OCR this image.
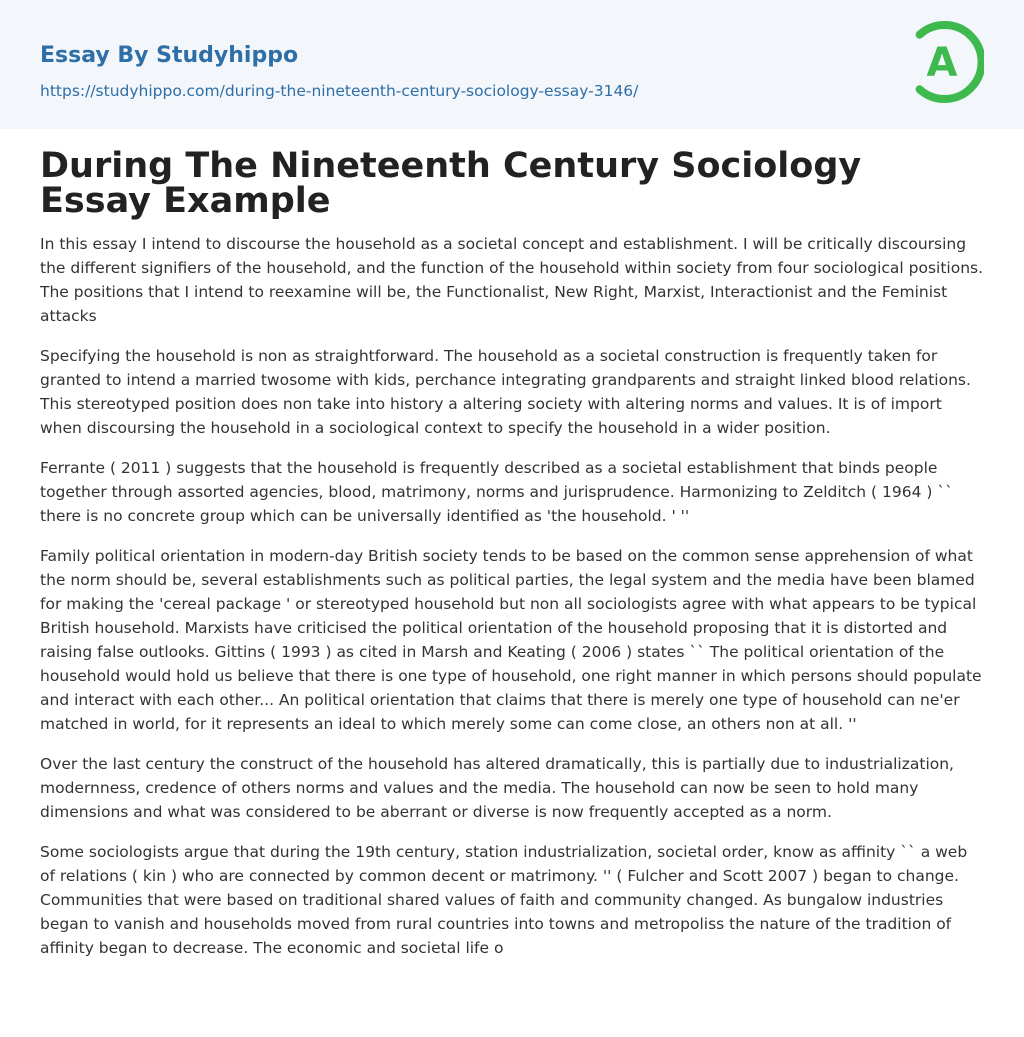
Essay By Studyhippo
https://studyhippo.com/during-the-nineteenth-century-sociology-essay-3146/
A
During The Nineteenth Century Sociology Essay Example

In this essay I intend to discourse the household as a societal concept and establishment. I will be critically discoursing the different signifiers of the household, and the function of the household within society from four sociological positions. The positions that I intend to reexamine will be, the Functionalist, New Right, Marxist, Interactionist and the Feminist attacks

Specifying the household is non as straightforward. The household as a societal construction is frequently taken for granted to intend a married twosome with kids, perchance integrating grandparents and straight linked blood relations. This stereotyped position does non take into history a altering society with altering norms and values. It is of import when discoursing the household in a sociological context to specify the household in a wider position.

Ferrante ( 2011 ) suggests that the household is frequently described as a societal establishment that binds people together through assorted agencies, blood, matrimony, norms and jurisprudence. Harmonizing to Zelditch ( 1964 ) `` there is no concrete group which can be universally identified as 'the household. ' ''

Family political orientation in modern-day British society tends to be based on the common sense apprehension of what the norm should be, several establishments such as political parties, the legal system and the media have been blamed for making the 'cereal package ' or stereotyped household but non all sociologists agree with what appears to be typical British household. Marxists have criticised the political orientation of the household proposing that it is distorted and raising false outlooks. Gittins ( 1993 ) as cited in Marsh and Keating ( 2006 ) states `` The political orientation of the household would hold us believe that there is one type of household, one right manner in which persons should populate and interact with each other... An political orientation that claims that there is merely one type of household can ne'er matched in world, for it represents an ideal to which merely some can come close, an others non at all. ''

Over the last century the construct of the household has altered dramatically, this is partially due to industrialization, modernness, credence of others norms and values and the media. The household can now be seen to hold many dimensions and what was considered to be aberrant or diverse is now frequently accepted as a norm.

Some sociologists argue that during the 19th century, station industrialization, societal order, know as affinity `` a web of relations ( kin ) who are connected by common decent or matrimony. '' ( Fulcher and Scott 2007 ) began to change. Communities that were based on traditional shared values of faith and community changed. As bungalow industries began to vanish and households moved from rural countries into towns and metropoliss the nature of the tradition of affinity began to decrease. The economic and societal life o
